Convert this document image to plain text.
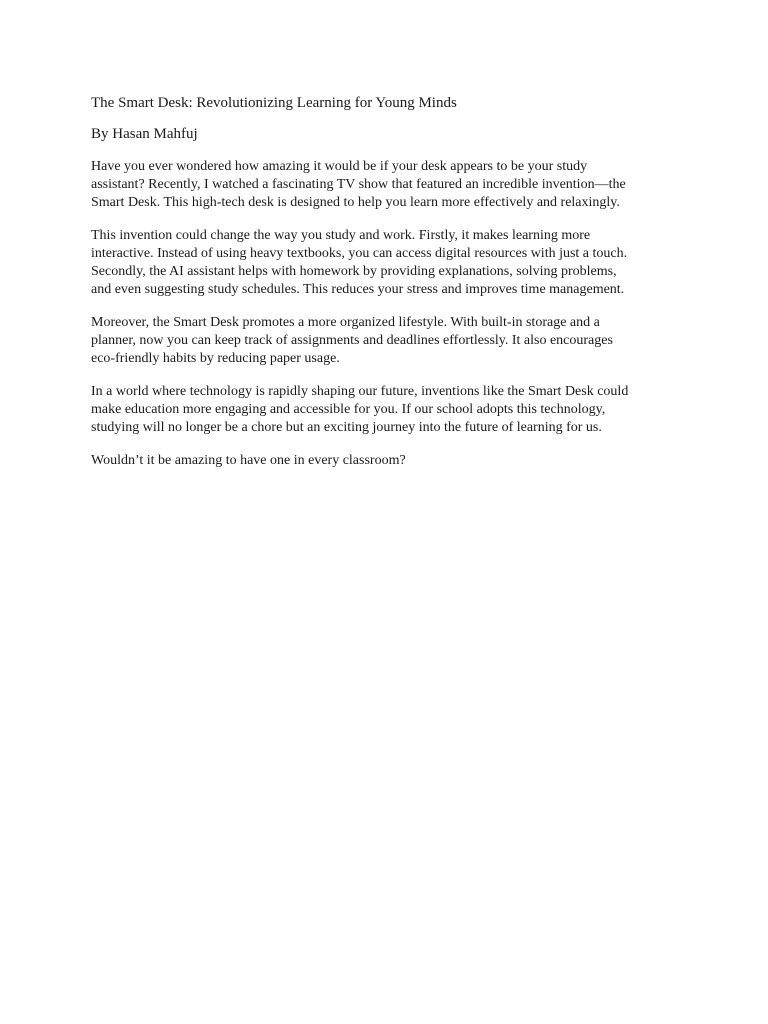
The Smart Desk: Revolutionizing Learning for Young Minds
By Hasan Mahfuj

Have you ever wondered how amazing it would be if your desk appears to be your study
assistant? Recently, I watched a fascinating TV show that featured an incredible invention—the
Smart Desk. This high-tech desk is designed to help you learn more effectively and relaxingly.

This invention could change the way you study and work. Firstly, it makes learning more
interactive. Instead of using heavy textbooks, you can access digital resources with just a touch.
Secondly, the AI assistant helps with homework by providing explanations, solving problems,
and even suggesting study schedules. This reduces your stress and improves time management.

Moreover, the Smart Desk promotes a more organized lifestyle. With built-in storage and a
planner, now you can keep track of assignments and deadlines effortlessly. It also encourages
eco-friendly habits by reducing paper usage.

In a world where technology is rapidly shaping our future, inventions like the Smart Desk could
make education more engaging and accessible for you. If our school adopts this technology,
studying will no longer be a chore but an exciting journey into the future of learning for us.

Wouldn’t it be amazing to have one in every classroom?
